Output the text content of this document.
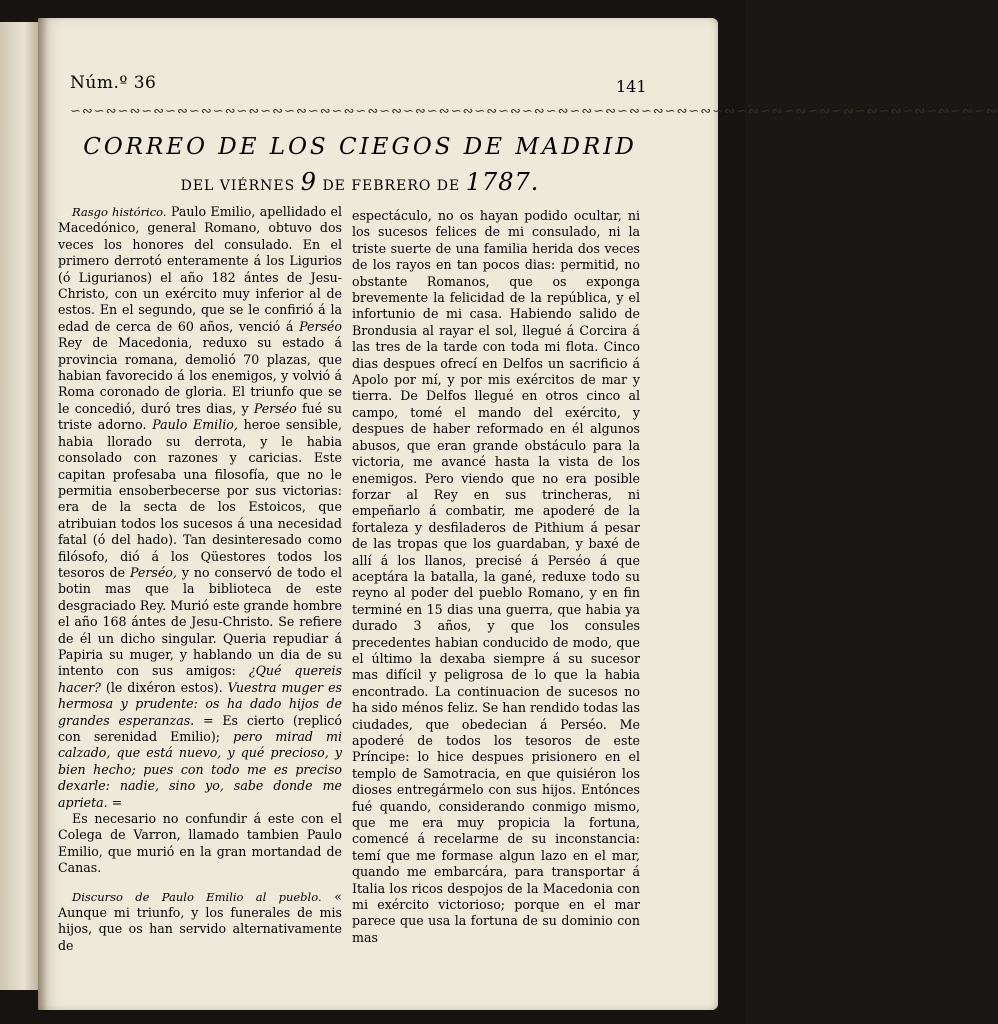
Núm.º 36	141
∽∾∽∾∽∾∽∾∽∾∽∾∽∾∽∾∽∾∽∾∽∾∽∾∽∾∽∾∽∾∽∾∽∾∽∾∽∾∽∾∽∾∽∾∽∾∽∾∽∾∽∾∽∾∽∾∽∾∽∾∽∾∽∾∽∾∽∾∽∾∽∾∽∾∽∾∽∾
CORREO DE LOS CIEGOS DE MADRID
DEL VIÉRNES 9 DE FEBRERO DE 1787.

Rasgo histórico. Paulo Emilio, apellidado el Macedónico, general Romano, obtuvo dos veces los honores del consulado. En el primero derrotó enteramente á los Ligurios (ó Ligurianos) el año 182 ántes de Jesu-Christo, con un exército muy inferior al de estos. En el segundo, que se le confirió á la edad de cerca de 60 años, venció á Perséo Rey de Macedonia, reduxo su estado á provincia romana, demolió 70 plazas, que habian favorecido á los enemigos, y volvió á Roma coronado de gloria. El triunfo que se le concedió, duró tres dias, y Perséo fué su triste adorno. Paulo Emilio, heroe sensible, habia llorado su derrota, y le habia consolado con razones y caricias. Este capitan profesaba una filosofía, que no le permitia ensoberbecerse por sus victorias: era de la secta de los Estoicos, que atribuian todos los sucesos á una necesidad fatal (ó del hado). Tan desinteresado como filósofo, dió á los Qüestores todos los tesoros de Perséo, y no conservó de todo el botin mas que la biblioteca de este desgraciado Rey. Murió este grande hombre el año 168 ántes de Jesu-Christo. Se refiere de él un dicho singular. Queria repudiar á Papiria su muger, y hablando un dia de su intento con sus amigos: ¿Qué quereis hacer? (le dixéron estos). Vuestra muger es hermosa y prudente: os ha dado hijos de grandes esperanzas. = Es cierto (replicó con serenidad Emilio); pero mirad mi calzado, que está nuevo, y qué precioso, y bien hecho; pues con todo me es preciso dexarle: nadie, sino yo, sabe donde me aprieta. =

Es necesario no confundir á este con el Colega de Varron, llamado tambien Paulo Emilio, que murió en la gran mortandad de Canas.

Discurso de Paulo Emilio al pueblo. « Aunque mi triunfo, y los funerales de mis hijos, que os han servido alternativamente de

espectáculo, no os hayan podido ocultar, ni los sucesos felices de mi consulado, ni la triste suerte de una familia herida dos veces de los rayos en tan pocos dias: permitid, no obstante Romanos, que os exponga brevemente la felicidad de la república, y el infortunio de mi casa. Habiendo salido de Brondusia al rayar el sol, llegué á Corcira á las tres de la tarde con toda mi flota. Cinco dias despues ofrecí en Delfos un sacrificio á Apolo por mí, y por mis exércitos de mar y tierra. De Delfos llegué en otros cinco al campo, tomé el mando del exército, y despues de haber reformado en él algunos abusos, que eran grande obstáculo para la victoria, me avancé hasta la vista de los enemigos. Pero viendo que no era posible forzar al Rey en sus trincheras, ni empeñarlo á combatir, me apoderé de la fortaleza y desfiladeros de Pithium á pesar de las tropas que los guardaban, y baxé de allí á los llanos, precisé á Perséo á que aceptára la batalla, la gané, reduxe todo su reyno al poder del pueblo Romano, y en fin terminé en 15 dias una guerra, que habia ya durado 3 años, y que los consules precedentes habian conducido de modo, que el último la dexaba siempre á su sucesor mas difícil y peligrosa de lo que la habia encontrado. La continuacion de sucesos no ha sido ménos feliz. Se han rendido todas las ciudades, que obedecian á Perséo. Me apoderé de todos los tesoros de este Príncipe: lo hice despues prisionero en el templo de Samotracia, en que quisiéron los dioses entregármelo con sus hijos. Entónces fué quando, considerando conmigo mismo, que me era muy propicia la fortuna, comencé á recelarme de su inconstancia: temí que me formase algun lazo en el mar, quando me embarcára, para transportar á Italia los ricos despojos de la Macedonia con mi exército victorioso; porque en el mar parece que usa la fortuna de su dominio con mas
